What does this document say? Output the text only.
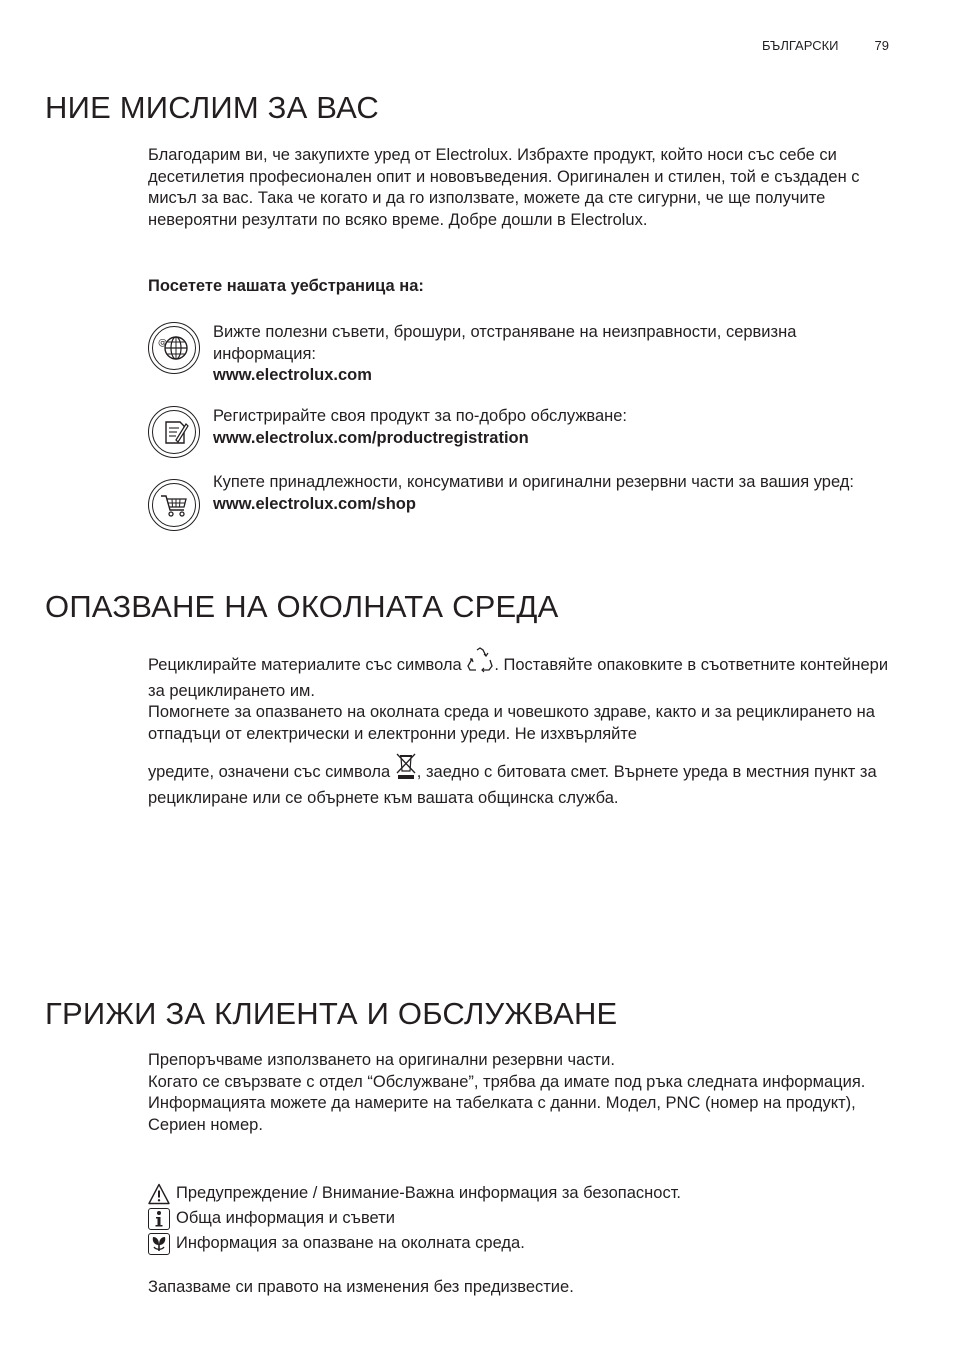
БЪЛГАРСКИ	79
НИЕ МИСЛИМ ЗА ВАС

Благодарим ви, че закупихте уред от Electrolux. Избрахте продукт, който носи със себе си десетилетия професионален опит и нововъведения. Оригинален и стилен, той е създаден с мисъл за вас. Така че когато и да го използвате, можете да сте сигурни, че ще получите невероятни резултати по всяко време. Добре дошли в Electrolux.

Посетете нашата уебстраница на:
@
Вижте полезни съвети, брошури, отстраняване на неизправности, сервизна информация:
www.electrolux.com
Регистрирайте своя продукт за по-добро обслужване:
www.electrolux.com/productregistration
Купете принадлежности, консумативи и оригинални резервни части за вашия уред:
www.electrolux.com/shop
ОПАЗВАНЕ НА ОКОЛНАТА СРЕДА

Рециклирайте материалите със символа . Поставяйте опаковките в съответните контейнери за рециклирането им.

Помогнете за опазването на околната среда и човешкото здраве, както и за рециклирането на отпадъци от електрически и електронни уреди. Не изхвърляйте

уредите, означени със символа , заедно с битовата смет. Върнете уреда в местния пункт за рециклиране или се обърнете към вашата общинска служба.

ГРИЖИ ЗА КЛИЕНТА И ОБСЛУЖВАНЕ

Препоръчваме използването на оригинални резервни части.

Когато се свързвате с отдел “Обслужване”, трябва да имате под ръка следната информация.

Информацията можете да намерите на табелката с данни. Модел, PNC (номер на продукт), Сериен номер.

Предупреждение / Внимание-Важна информация за безопасност.
Обща информация и съвети
Информация за опазване на околната среда.
Запазваме си правото на изменения без предизвестие.
